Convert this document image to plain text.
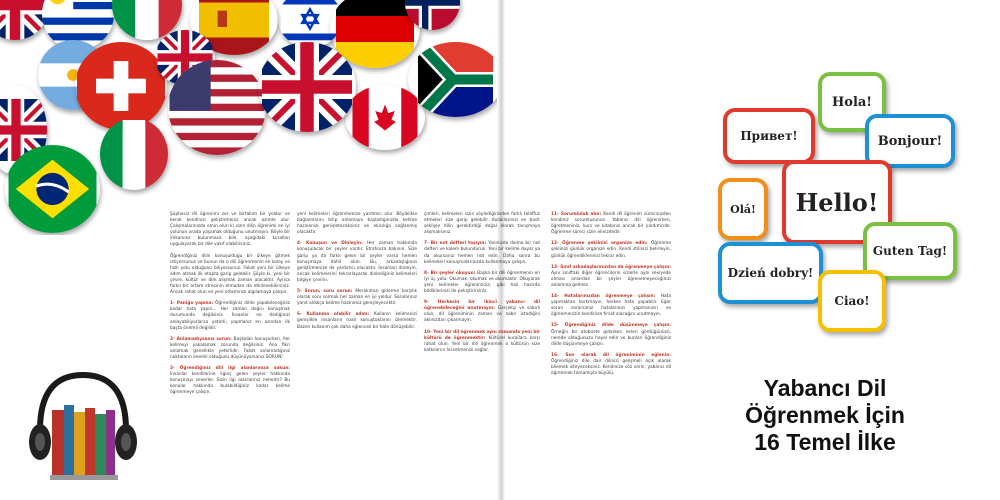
Şüphesiz dil öğrenimi zor ve birtakım bir yoldur ve kendi kendinizi geliştirmeniz ancak azimle olur. Çalışmalarınızda emin olun ki sizin dilin öğrenimi en iyi yolunun orada yaşamak olduğunu unutmayın. Böyle bir imkanınız bulunmasa bile, aşağıdaki kuralları uygulayarak bir dile vakıf olabilirsiniz.

Öğrendiğiniz dilin konuşulduğu bir ülkeye gitmek istiyorsunuz ve bunun da o dili öğrenmenin en kolay ve hızlı yolu olduğunu biliyorsunuz. Fakat yeni bir ülkeye adım atmak ilk etapta garip gelebilir. Şöyle ki, yeni bir çevre, kültür ve dile alışmak zaman alacaktır. Ayrıca farklı bir ortam stresinin olmadan da etkilenebilirsiniz. Ancak rahat olun ve yeni ortamınızı algılamaya çalışın.

1- Paniğe yapma: Öğrendiğiniz dilde yapabileceğiniz kadar hata yapın... Her zaman doğru konuşmak durumunda değilsiniz. İnsanlar ne dediğinizi anlayabiliyorlarsa yeterli; yapmanız en azından ilk başta önemli değildir.

2- Anlamadıysanız sorun: Başkaları konuşurken, her kelimeyi yakalamak zorunda değilsiniz. Ana fikri anlamak genellikle yeterlidir. Fakat anlamadığınız noktaların önemli olduğunu düşünüyorsanız SORUN!

3- Öğrendiğiniz dili ilgi alanlarınıza sokun: İnsanlar kendilerine ilginç gelen şeyler hakkında konuşmayı severler. Sizin ilgi alanlarınız nelerdir? Bu konular hakkında bulabildiğiniz kadar kelime öğrenmeye çalışın.

yeni kelimeleri öğrenmenize yardımcı olur. Böylelikle bağlamlarını bilip anlamaya başladığınızda kelime hazinenizi genişleteceksiniz ve akıcılığa sağlanmış olacaktır.

4- Konuşun ve Dinleyin: Her zaman hakkında konuşulacak bir şeyler vardır. Etrafınıza bakının. Size garip ya da farklı gelen bir şeyler varsa hemen konuşmaya dahil olun. Bu, arkadaşlığınızı geliştirmenize de yardımcı olacaktır. İnsanları dinleyin, ancak kelimelerini tekrarlayarak dinlediğiniz kelimeleri bilgiye çevirin.

5- Sorun, soru sorun: Merakımızı giderme karşılık olarak soru sormak her zaman en iyi yoldur. Sorularınız yanıt aldıkça kelime hazineniz genişleyecektir.

6- Kullanma olabilir adım: Kullanın kelimenizi genişlikle insanların nasıl konuştuklarını izlemektir. Bazen kullanım çok daha eğlenceli bir hale dönüşebilir.

çimleri, kelimeleri sizin söylediğinizden farklı telaffuz etmeleri size garip gelebilir. Kulaklarınızı en basit şekliyle dilin gerektirdiği doğal olarak tanışmaya alışmalısınız.

7- Bir not defteri taşıyın: Yanınızda daima bir not defteri ve kalem bulundurun. Yeni bir kelime duyar ya da okursanız hemen not edin. Daha sonra bu kelimeleri konuşmalarınızda kullanmaya çalışın.

8- Bir şeyler okuyun: Başka bir dili öğrenmenin en iyi üç yolu: Okumak, okumak ve okumaktır. Okuyarak yeni kelimeler öğrenirsiniz; gibi hali hazırda bildiklerinizi de pekiştirirsiniz.

9- Herkesin bir ikinci yabancı dil öğrenebileceğini unutmayın: Gerçekçi ve sabırlı olun, dil öğreniminin zaman ve sabır istediğini aklınızdan çıkarmayın.

10- Yeni bir dil öğrenmek aynı zamanda yeni bir kültürü de öğrenmektir: Kültürel kurallara karşı rahat olun. Yeni bir dili öğrenmek o kültürün size katkılarını hissetmenizi sağlar.

11- Sorumluluk alın: Kendi dil öğrenim sürecinizden kendiniz sorumlusunuz. Yabancı dili öğrenirken, öğretmeniniz, kurs ve kitabınız ancak bir yardımcıdır. Öğrenme süreci sizin elinizdedir.

12- Öğrenme şeklinizi organize edin: Öğrenme şeklinizi günlük organize edin. Kendi stilinizi belirleyin, günlük öğrendiklerinizi tekrar edin.

13- Sınıf arkadaşlarınızdan da öğrenmeye çalışın: Aynı sınıftaki diğer öğrencilerin sizlerle aynı seviyede olması onlardan bir şeyler öğrenemeyeceğinizi anlamına gelmez.

14- Hatalarınızdan öğrenmeye çalışın: Hata yapmaktan korkmayın, herkes hata yapabilir. Eğer sorun sorarsanız hatalarınızı yapmanızın ve öğrenmenizin kendinize fırsat olacağını unutmayın.

15- Öğrendiğiniz dilde düşünmeye çalışın: Örneğin bir otobüste giderken neleri gördüğünüzü, nerede olduğunuzu hayal edin ve bunları öğrendiğiniz dilde düşünmeye çalışın.

16- Son olarak dil öğreniminin eğlenin: Öğrendiğiniz dile dair dilinizi gelişmeli açık olarak bilemek isteyeceksiniz. Kendinize söz verin, yabancı dil öğrenmek tamamıyla büyülü.

Привет!
Hola!
Bonjour!
Olá!	Hello!
Guten Tag!
Dzień dobry!
Ciao!
Yabancı Dil
Öğrenmek İçin
16 Temel İlke
